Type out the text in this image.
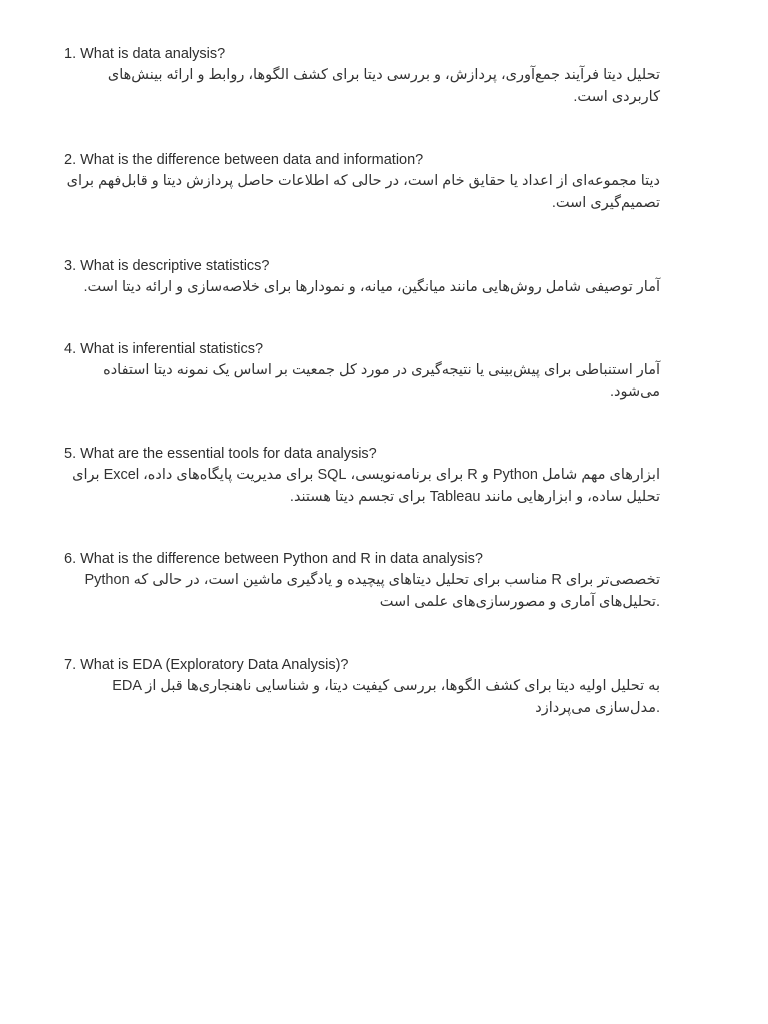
1. What is data analysis?
تحلیل دیتا فرآیند جمع‌آوری، پردازش، و بررسی دیتا برای کشف الگوها، روابط و ارائه بینش‌های کاربردی است.
2. What is the difference between data and information?
دیتا مجموعه‌ای از اعداد یا حقایق خام است، در حالی که اطلاعات حاصل پردازش دیتا و قابل‌فهم برای تصمیم‌گیری است.
3. What is descriptive statistics?
آمار توصیفی شامل روش‌هایی مانند میانگین، میانه، و نمودارها برای خلاصه‌سازی و ارائه دیتا است.
4. What is inferential statistics?
آمار استنباطی برای پیش‌بینی یا نتیجه‌گیری در مورد کل جمعیت بر اساس یک نمونه دیتا استفاده می‌شود.
5. What are the essential tools for data analysis?
ابزارهای مهم شامل Python و R برای برنامه‌نویسی، SQL برای مدیریت پایگاه‌های داده، Excel برای تحلیل ساده، و ابزارهایی مانند Tableau برای تجسم دیتا هستند.
6. What is the difference between Python and R in data analysis?
Python مناسب برای تحلیل دیتاهای پیچیده و یادگیری ماشین است، در حالی که R تخصصی‌تر برای تحلیل‌های آماری و مصورسازی‌های علمی است.
7. What is EDA (Exploratory Data Analysis)?
EDA به تحلیل اولیه دیتا برای کشف الگوها، بررسی کیفیت دیتا، و شناسایی ناهنجاری‌ها قبل از مدل‌سازی می‌پردازد.
